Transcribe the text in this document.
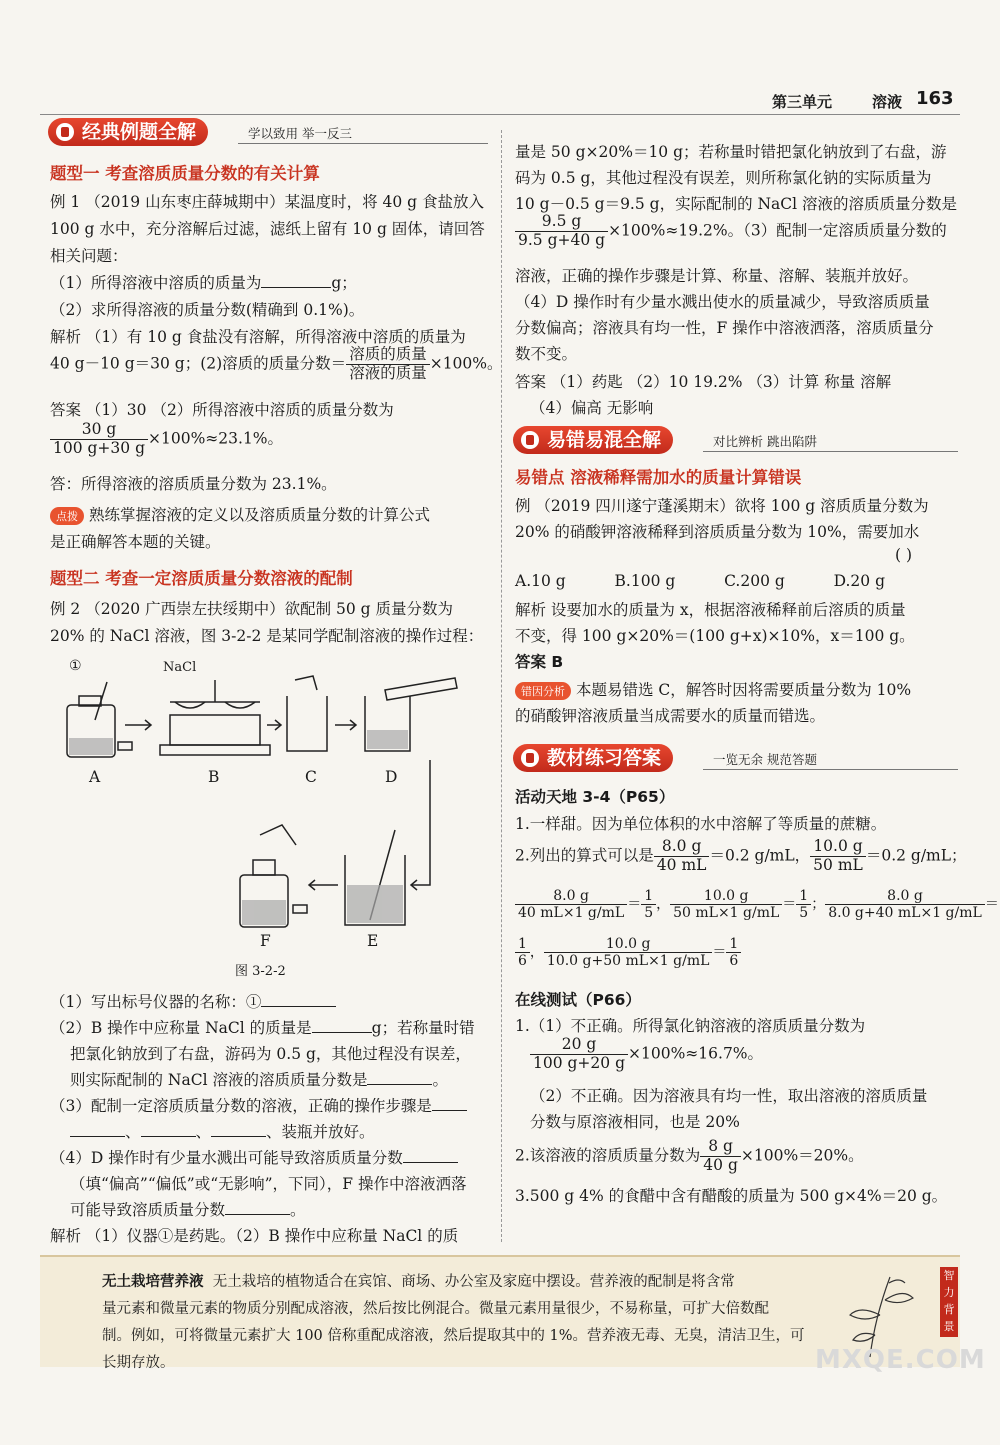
第三单元	溶液 163
经典例题全解	学以致用 举一反三
题型一 考查溶质质量分数的有关计算
例 1 （2019 山东枣庄薛城期中）某温度时，将 40 g 食盐放入
100 g 水中，充分溶解后过滤，滤纸上留有 10 g 固体，请回答
相关问题：
（1）所得溶液中溶质的质量为	g；
（2）求所得溶液的质量分数(精确到 0.1%)。
解析 （1）有 10 g 食盐没有溶解，所得溶液中溶质的质量为
40 g－10 g＝30 g；(2)溶质的质量分数＝ $\frac{\text{溶质的质量}}{\text{溶液的质量}} \times 100\%$。
答案 （1）30 （2）所得溶液中溶质的质量分数为
$\frac{30 g}{100 g+30 g} \times 100\%\approx 23.1\%$。
答：所得溶液的溶质质量分数为 23.1%。
点拨 熟练掌握溶液的定义以及溶质质量分数的计算公式
是正确解答本题的关键。
题型二 考查一定溶质质量分数溶液的配制
例 2 （2020 广西崇左扶绥期中）欲配制 50 g 质量分数为
20% 的 NaCl 溶液，图 3-2-2 是某同学配制溶液的操作过程：
①	NaCl
A	B	C	D
E
F
图 3-2-2
（1）写出标号仪器的名称：①
（2）B 操作中应称量 NaCl 的质量是	g；若称量时错
把氯化钠放到了右盘，游码为 0.5 g，其他过程没有误差，
则实际配制的 NaCl 溶液的溶质质量分数是	。
（3）配制一定溶质质量分数的溶液，正确的操作步骤是
、	、	、装瓶并放好。
（4）D 操作时有少量水溅出可能导致溶质质量分数
（填“偏高”“偏低”或“无影响”，下同），F 操作中溶液洒落
可能导致溶质质量分数	。
解析 （1）仪器①是药匙。（2）B 操作中应称量 NaCl 的质
量是 50 g×20%＝10 g；若称量时错把氯化钠放到了右盘，游
码为 0.5 g，其他过程没有误差，则所称氯化钠的实际质量为
10 g－0.5 g＝9.5 g，实际配制的 NaCl 溶液的溶质质量分数是
$\frac{9.5 g}{9.5 g+40 g} \times 100\%\approx 19.2\%$。（3）配制一定溶质质量分数的
溶液，正确的操作步骤是计算、称量、溶解、装瓶并放好。
（4）D 操作时有少量水溅出使水的质量减少，导致溶质质量
分数偏高；溶液具有均一性，F 操作中溶液洒落，溶质质量分
数不变。
答案 （1）药匙 （2）10 19.2% （3）计算 称量 溶解
（4）偏高 无影响
易错易混全解	对比辨析 跳出陷阱
易错点 溶液稀释需加水的质量计算错误
例 （2019 四川遂宁蓬溪期末）欲将 100 g 溶质质量分数为
20% 的硝酸钾溶液稀释到溶质质量分数为 10%，需要加水
( )
A.10 g	B.100 g	C.200 g	D.20 g
解析 设要加水的质量为 x，根据溶液稀释前后溶质的质量
不变，得 100 g×20%＝(100 g+x)×10%，x＝100 g。
答案 B
错因分析 本题易错选 C，解答时因将需要质量分数为 10%
的硝酸钾溶液质量当成需要水的质量而错选。
教材练习答案	一览无余 规范答题
活动天地 3-4（P65）
1.一样甜。因为单位体积的水中溶解了等质量的蔗糖。
2.列出的算式可以是 $\frac{8.0 g}{40 mL} =0.2$ g/mL， $\frac{10.0 g}{50 mL} =0.2$ g/mL；
$\frac{8.0 g}{40 mL\times 1 g/mL} = \frac{1}{5}$ ， $\frac{10.0 g}{50 mL\times 1 g/mL} = \frac{1}{5}$ ； $\frac{8.0 g}{8.0 g+40 mL\times 1 g/mL}$ ＝
$\frac{1}{6}$ ， $\frac{10.0 g}{10.0 g+50 mL\times 1 g/mL} = \frac{1}{6}$
在线测试（P66）
1.（1）不正确。所得氯化钠溶液的溶质质量分数为
$\frac{20 g}{100 g+20 g} \times 100\%\approx 16.7\%$。
（2）不正确。因为溶液具有均一性，取出溶液的溶质质量
分数与原溶液相同，也是 20%
2.该溶液的溶质质量分数为 $\frac{8 g}{40 g} \times 100\%=20\%$。
3.500 g 4% 的食醋中含有醋酸的质量为 500 g×4%＝20 g。
无土栽培营养液 无土栽培的植物适合在宾馆、商场、办公室及家庭中摆设。营养液的配制是将含常
量元素和微量元素的物质分别配成溶液，然后按比例混合。微量元素用量很少，不易称量，可扩大倍数配
制。例如，可将微量元素扩大 100 倍称重配成溶液，然后提取其中的 1%。营养液无毒、无臭，清洁卫生，可
长期存放。
智力背景
MXQE.COM
